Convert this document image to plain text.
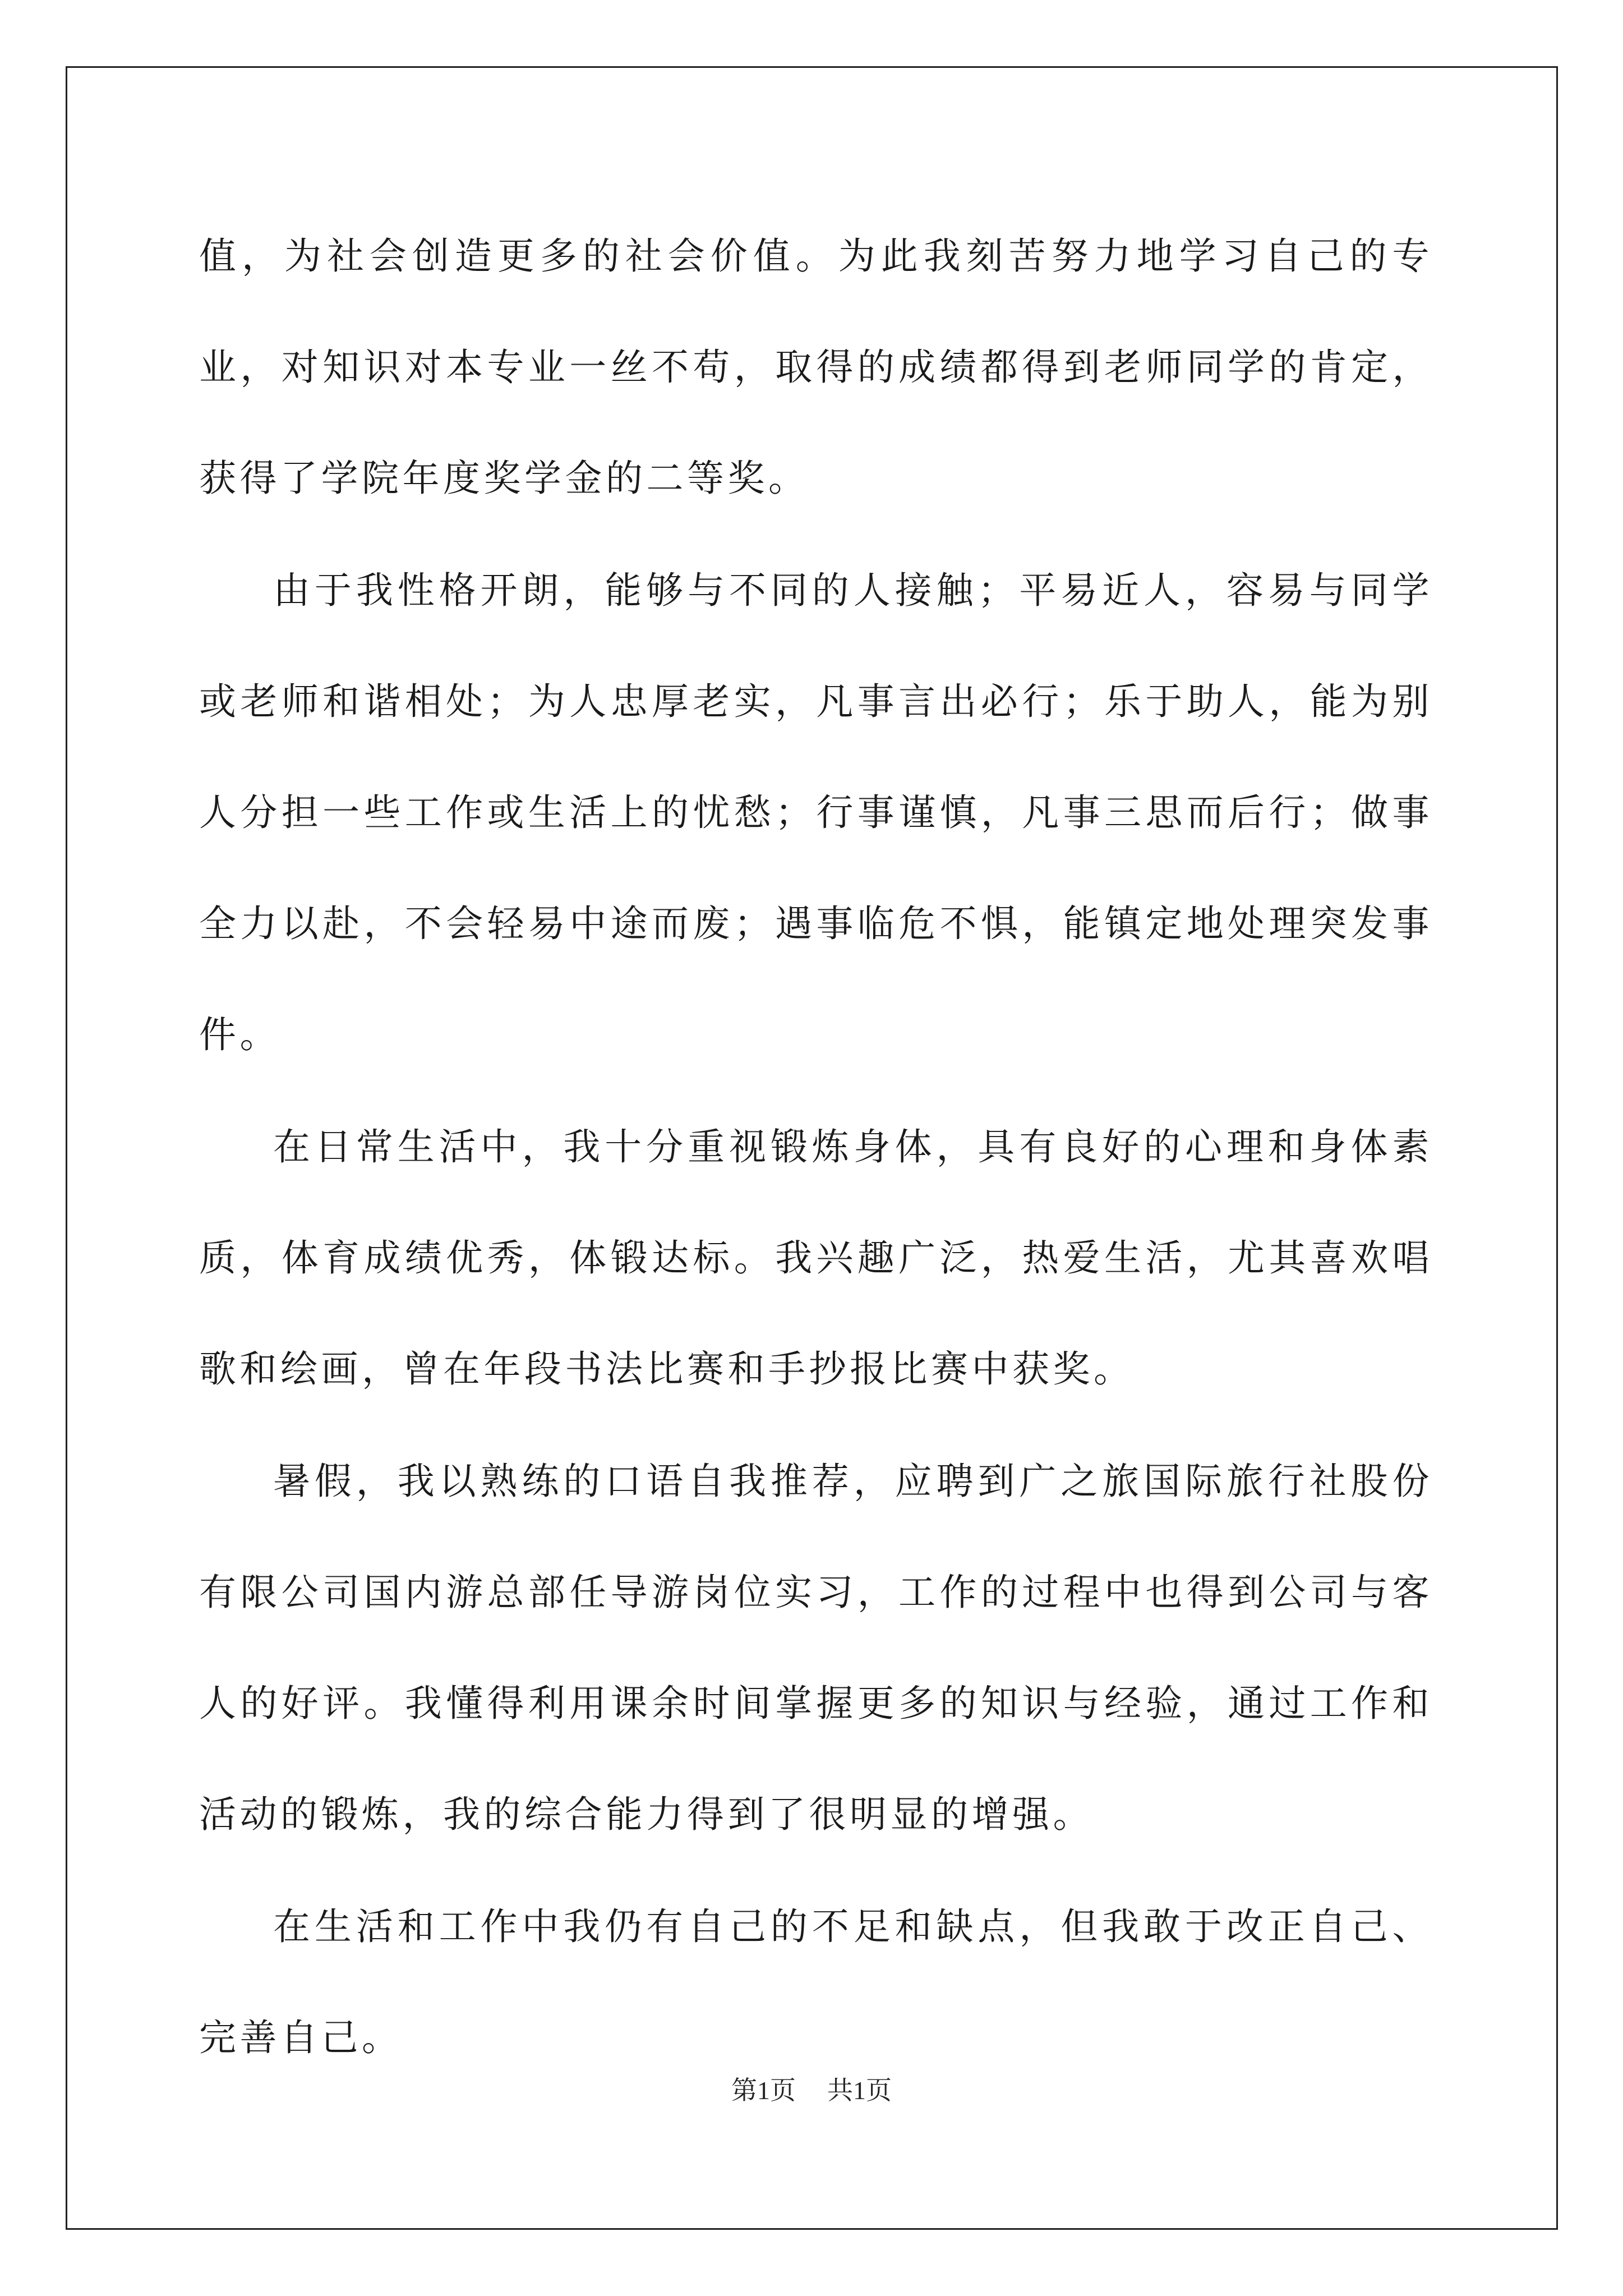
值，为社会创造更多的社会价值。为此我刻苦努力地学习自己的专业，对知识对本专业一丝不苟，取得的成绩都得到老师同学的肯定，获得了学院年度奖学金的二等奖。

由于我性格开朗，能够与不同的人接触；平易近人，容易与同学或老师和谐相处；为人忠厚老实，凡事言出必行；乐于助人，能为别人分担一些工作或生活上的忧愁；行事谨慎，凡事三思而后行；做事全力以赴，不会轻易中途而废；遇事临危不惧，能镇定地处理突发事件。

在日常生活中，我十分重视锻炼身体，具有良好的心理和身体素质，体育成绩优秀，体锻达标。我兴趣广泛，热爱生活，尤其喜欢唱歌和绘画，曾在年段书法比赛和手抄报比赛中获奖。

暑假，我以熟练的口语自我推荐，应聘到广之旅国际旅行社股份有限公司国内游总部任导游岗位实习，工作的过程中也得到公司与客人的好评。我懂得利用课余时间掌握更多的知识与经验，通过工作和活动的锻炼，我的综合能力得到了很明显的增强。

在生活和工作中我仍有自己的不足和缺点，但我敢于改正自己、完善自己。

第1页 共1页
